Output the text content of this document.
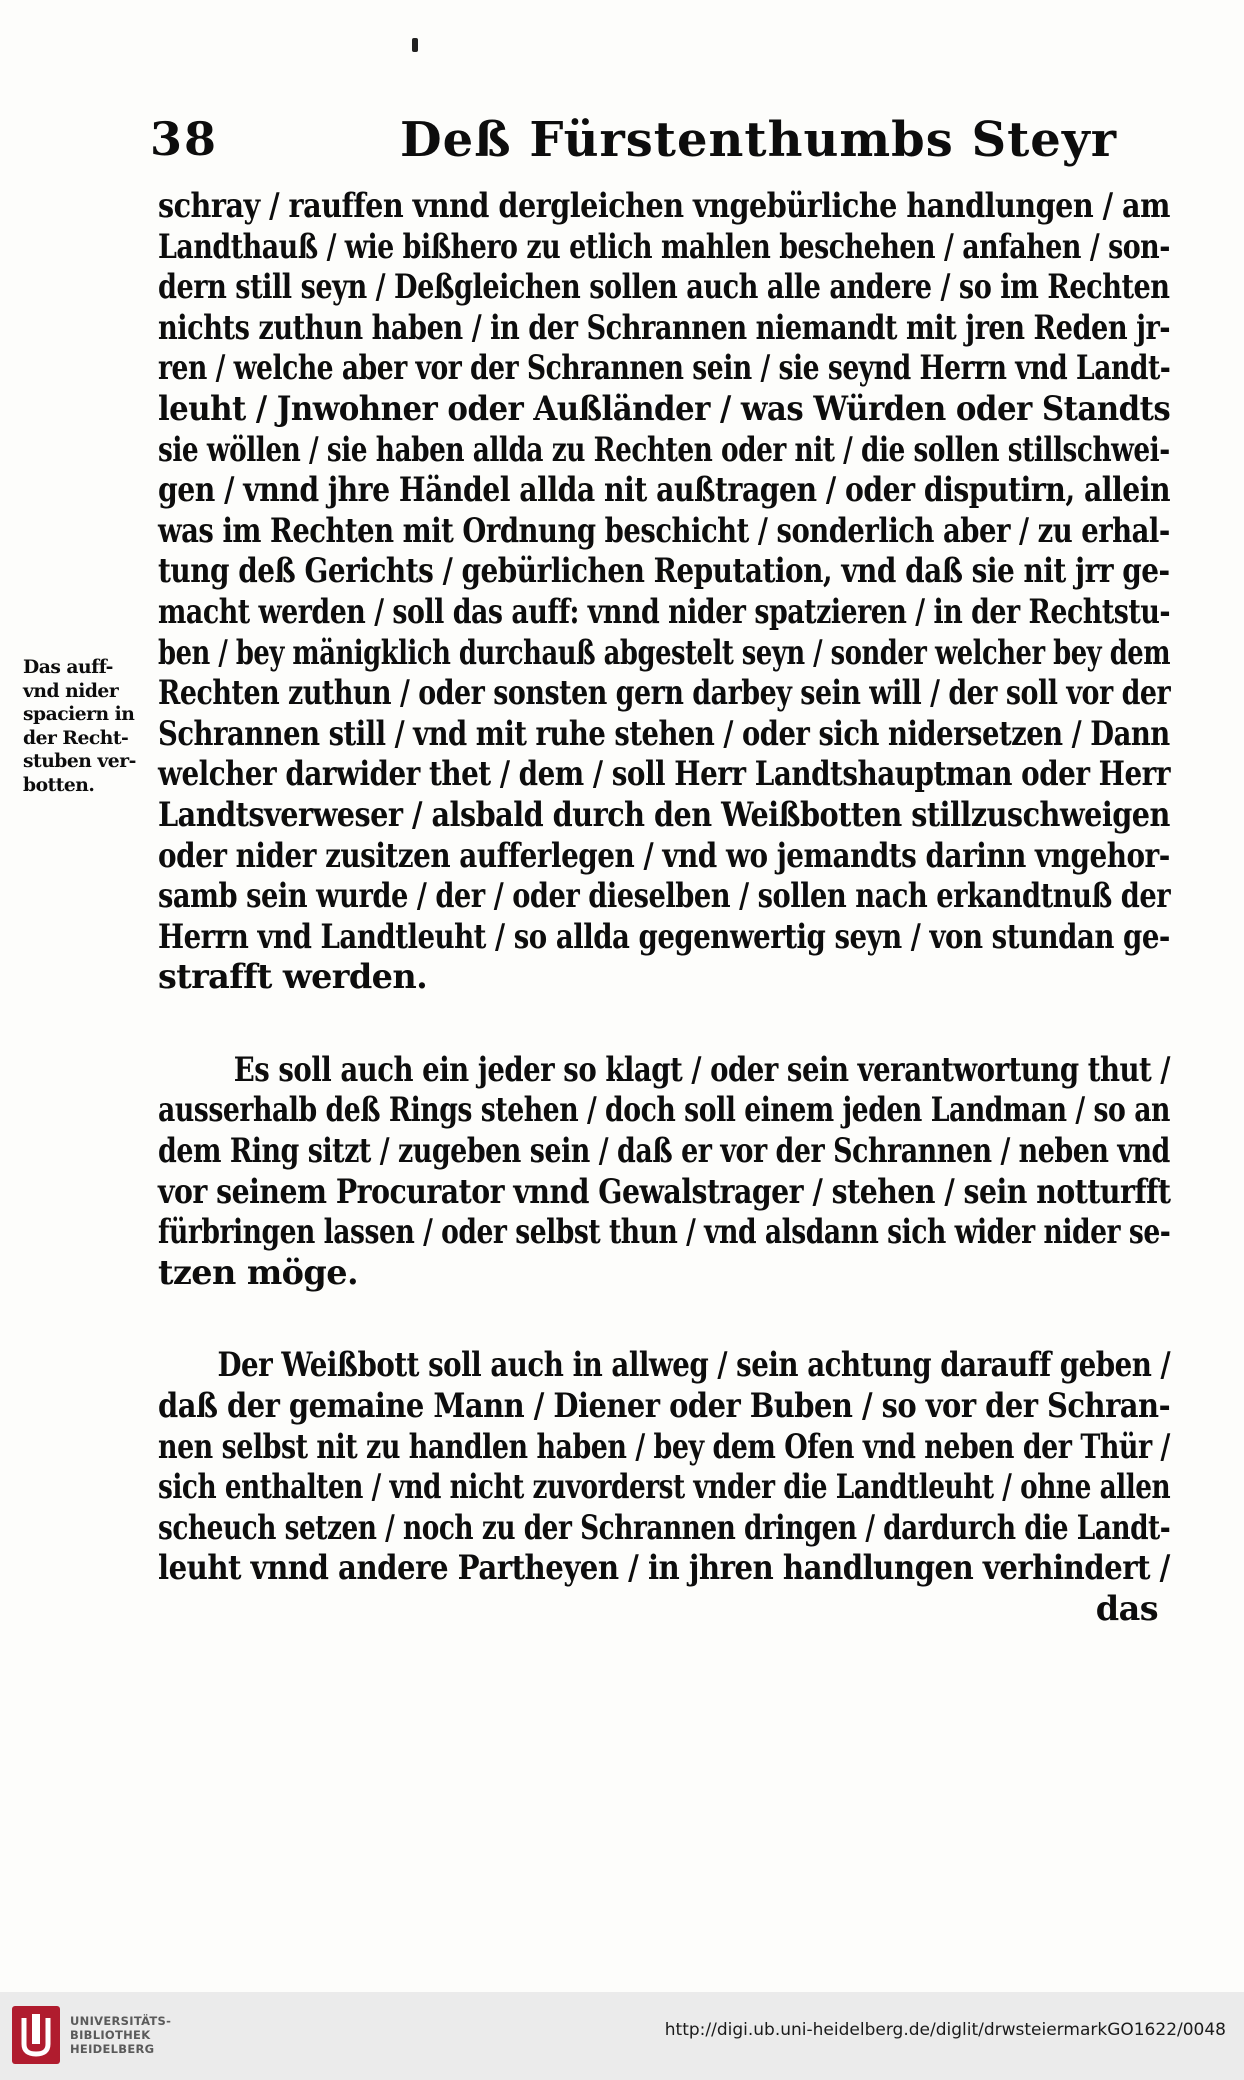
38	Deß Fürstenthumbs Steyr
Das auff-
vnd nider
spaciern in
der Recht-
stuben ver-
botten.
schray / rauffen vnnd dergleichen vngebürliche handlungen / am
Landthauß / wie bißhero zu etlich mahlen beschehen / anfahen / son-
dern still seyn / Deßgleichen sollen auch alle andere / so im Rechten
nichts zuthun haben / in der Schrannen niemandt mit jren Reden jr-
ren / welche aber vor der Schrannen sein / sie seynd Herrn vnd Landt-
leuht / Jnwohner oder Außländer / was Würden oder Standts
sie wöllen / sie haben allda zu Rechten oder nit / die sollen stillschwei-
gen / vnnd jhre Händel allda nit außtragen / oder disputirn, allein
was im Rechten mit Ordnung beschicht / sonderlich aber / zu erhal-
tung deß Gerichts / gebürlichen Reputation, vnd daß sie nit jrr ge-
macht werden / soll das auff: vnnd nider spatzieren / in der Rechtstu-
ben / bey mänigklich durchauß abgestelt seyn / sonder welcher bey dem
Rechten zuthun / oder sonsten gern darbey sein will / der soll vor der
Schrannen still / vnd mit ruhe stehen / oder sich nidersetzen / Dann
welcher darwider thet / dem / soll Herr Landtshauptman oder Herr
Landtsverweser / alsbald durch den Weißbotten stillzuschweigen
oder nider zusitzen aufferlegen / vnd wo jemandts darinn vngehor-
samb sein wurde / der / oder dieselben / sollen nach erkandtnuß der
Herrn vnd Landtleuht / so allda gegenwertig seyn / von stundan ge-
strafft werden.
Es soll auch ein jeder so klagt / oder sein verantwortung thut /
ausserhalb deß Rings stehen / doch soll einem jeden Landman / so an
dem Ring sitzt / zugeben sein / daß er vor der Schrannen / neben vnd
vor seinem Procurator vnnd Gewalstrager / stehen / sein notturfft
fürbringen lassen / oder selbst thun / vnd alsdann sich wider nider se-
tzen möge.
Der Weißbott soll auch in allweg / sein achtung darauff geben /
daß der gemaine Mann / Diener oder Buben / so vor der Schran-
nen selbst nit zu handlen haben / bey dem Ofen vnd neben der Thür /
sich enthalten / vnd nicht zuvorderst vnder die Landtleuht / ohne allen
scheuch setzen / noch zu der Schrannen dringen / dardurch die Landt-
leuht vnnd andere Partheyen / in jhren handlungen verhindert /
das
UNIVERSITÄTS-
BIBLIOTHEK
HEIDELBERG
http://digi.ub.uni-heidelberg.de/diglit/drwsteiermarkGO1622/0048
